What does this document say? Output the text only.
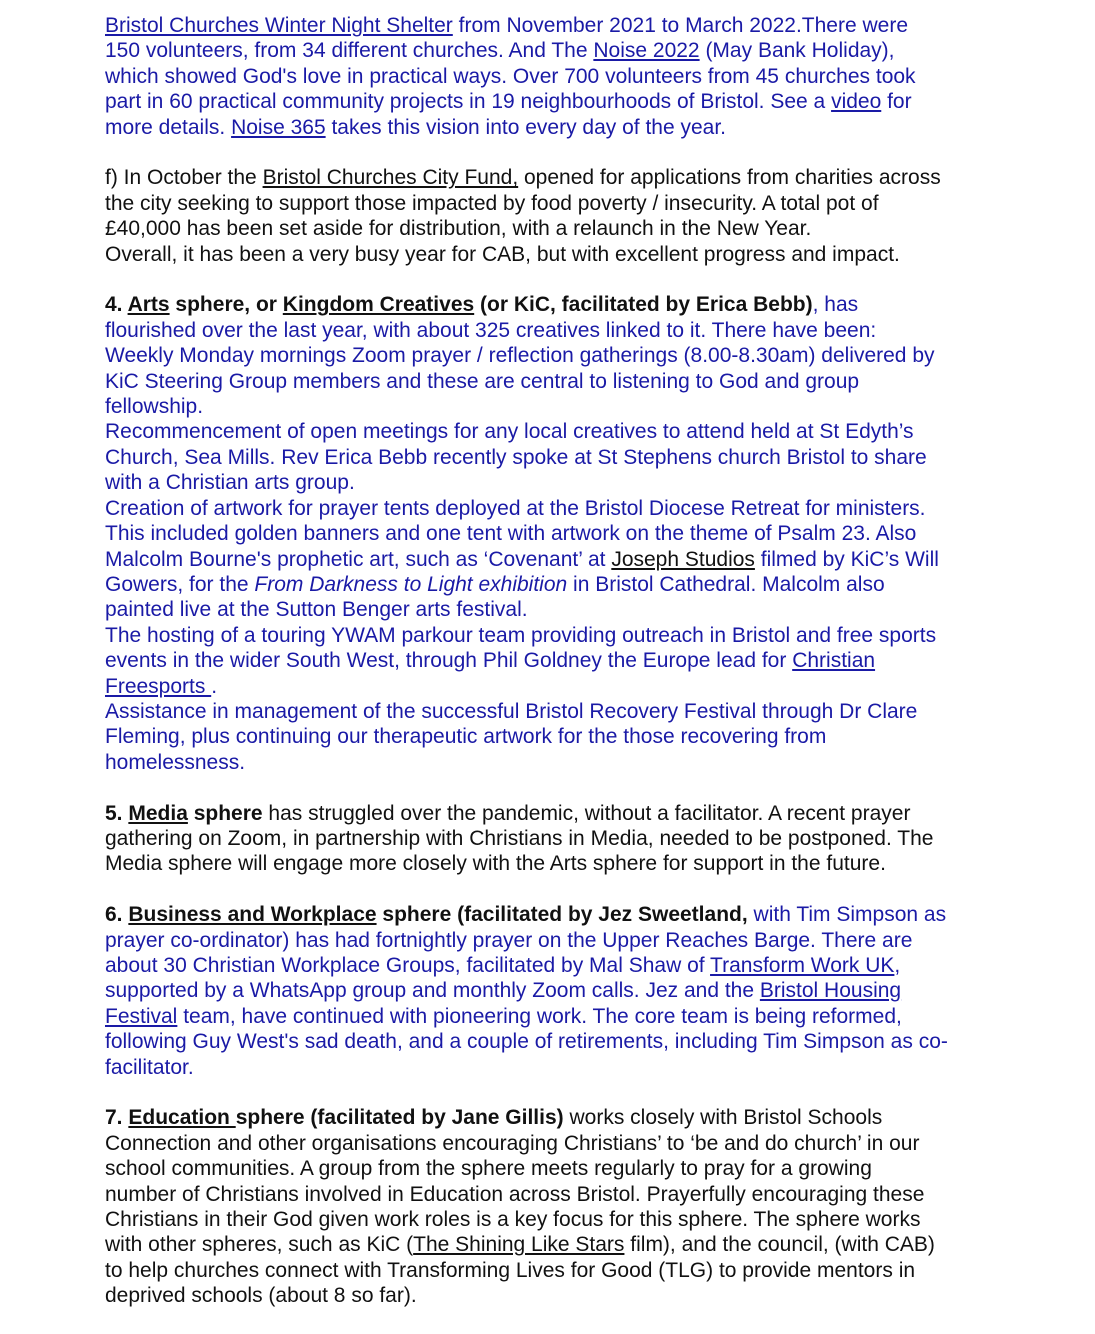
Bristol Churches Winter Night Shelter from November 2021 to March 2022.There were
150 volunteers, from 34 different churches. And The Noise 2022 (May Bank Holiday),
which showed God's love in practical ways. Over 700 volunteers from 45 churches took
part in 60 practical community projects in 19 neighbourhoods of Bristol. See a video for
more details. Noise 365 takes this vision into every day of the year.
f) In October the Bristol Churches City Fund, opened for applications from charities across
the city seeking to support those impacted by food poverty / insecurity. A total pot of
£40,000 has been set aside for distribution, with a relaunch in the New Year.
Overall, it has been a very busy year for CAB, but with excellent progress and impact.
4. Arts sphere, or Kingdom Creatives (or KiC, facilitated by Erica Bebb), has
flourished over the last year, with about 325 creatives linked to it. There have been:
Weekly Monday mornings Zoom prayer / reflection gatherings (8.00-8.30am) delivered by
KiC Steering Group members and these are central to listening to God and group
fellowship.
Recommencement of open meetings for any local creatives to attend held at St Edyth’s
Church, Sea Mills. Rev Erica Bebb recently spoke at St Stephens church Bristol to share
with a Christian arts group.
Creation of artwork for prayer tents deployed at the Bristol Diocese Retreat for ministers.
This included golden banners and one tent with artwork on the theme of Psalm 23. Also
Malcolm Bourne's prophetic art, such as ‘Covenant’ at Joseph Studios filmed by KiC’s Will
Gowers, for the From Darkness to Light exhibition in Bristol Cathedral. Malcolm also
painted live at the Sutton Benger arts festival.
The hosting of a touring YWAM parkour team providing outreach in Bristol and free sports
events in the wider South West, through Phil Goldney the Europe lead for Christian
Freesports .
Assistance in management of the successful Bristol Recovery Festival through Dr Clare
Fleming, plus continuing our therapeutic artwork for the those recovering from
homelessness.
5. Media sphere has struggled over the pandemic, without a facilitator. A recent prayer
gathering on Zoom, in partnership with Christians in Media, needed to be postponed. The
Media sphere will engage more closely with the Arts sphere for support in the future.
6. Business and Workplace sphere (facilitated by Jez Sweetland, with Tim Simpson as
prayer co-ordinator) has had fortnightly prayer on the Upper Reaches Barge. There are
about 30 Christian Workplace Groups, facilitated by Mal Shaw of Transform Work UK,
supported by a WhatsApp group and monthly Zoom calls. Jez and the Bristol Housing
Festival team, have continued with pioneering work. The core team is being reformed,
following Guy West's sad death, and a couple of retirements, including Tim Simpson as co-
facilitator.
7. Education sphere (facilitated by Jane Gillis) works closely with Bristol Schools
Connection and other organisations encouraging Christians’ to ‘be and do church’ in our
school communities. A group from the sphere meets regularly to pray for a growing
number of Christians involved in Education across Bristol. Prayerfully encouraging these
Christians in their God given work roles is a key focus for this sphere. The sphere works
with other spheres, such as KiC (The Shining Like Stars film), and the council, (with CAB)
to help churches connect with Transforming Lives for Good (TLG) to provide mentors in
deprived schools (about 8 so far).
